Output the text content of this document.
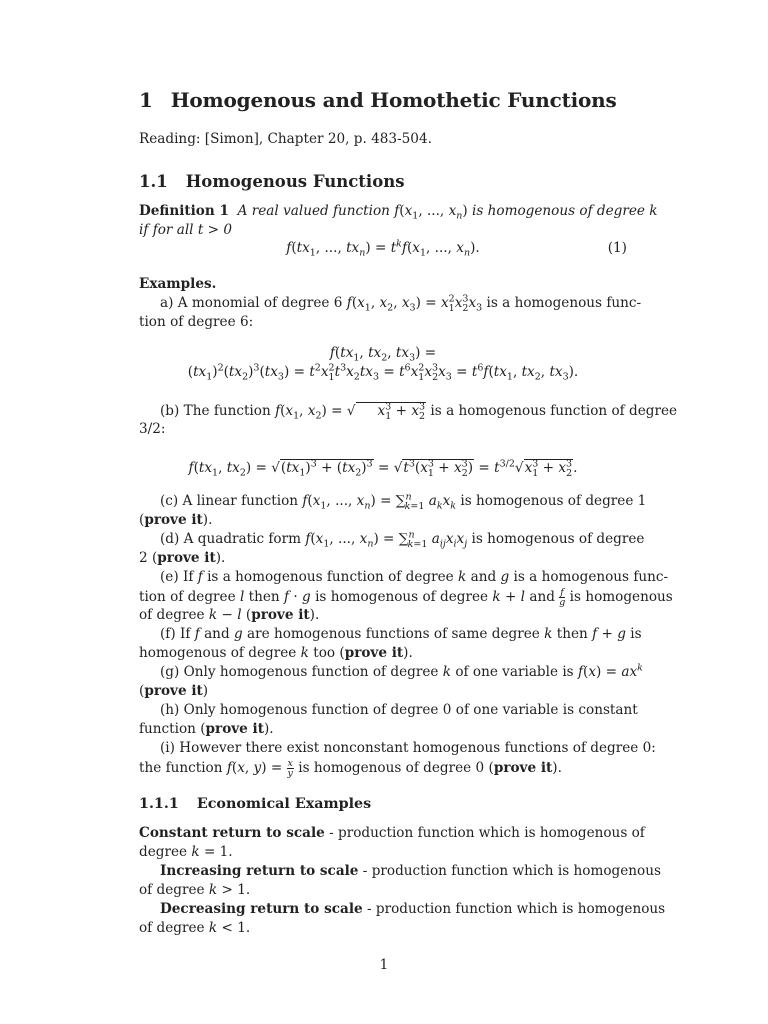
1 Homogenous and Homothetic Functions
Reading: [Simon], Chapter 20, p. 483-504.
1.1 Homogenous Functions
Definition 1 A real valued function $f(x_1$, ..., $x_n$) is homogenous of degree k
if for all t > 0
$f(tx_1$, ..., $tx_n) = t^kf(x_1$, ..., $x_n$).	(1)
Examples.
a) A monomial of degree 6 $f(x_1$, $x_2$, $x_3) = x^2_1x^3_2x_3$ is a homogenous func-
tion of degree 6:
$f(tx_1$, $tx_2$, $tx_3$) =
$(tx_1)^2(tx_2)^3(tx_3) = t^2x^2_1t^3x_2tx_3 = t^6x^2_1x^3_2x_3 = t^6f(tx_1$, $tx_2$, $tx_3$).
(b) The function $f(x_1$, $x_2$) = √ $x^3_1 + x^3_2$ is a homogenous function of degree
3/2:
$f(tx_1$, $tx_2) = √(tx_1)^3 + (tx_2)^3 = √t^3(x^3_1 + x^3_2) = t^{3/2}√x^3_1 + x^3_2$.
(c) A linear function $f(x_1$, ..., $x_n) = \sum^n_{k=1}$ $a_kx_k$ is homogenous of degree 1
(prove it).
(d) A quadratic form $f(x_1$, ..., $x_n) = \sum^n_{k=1}$ $a_{ij}x_ix_j$ is homogenous of degree
2 (prove it).
(e) If f is a homogenous function of degree k and g is a homogenous func-
tion of degree l then f · g is homogenous of degree k + l and $\frac{f}{g}$ is homogenous
of degree k − l (prove it).
(f) If f and g are homogenous functions of same degree k then f + g is
homogenous of degree k too (prove it).
(g) Only homogenous function of degree k of one variable is $f(x) = ax^k$
(prove it)
(h) Only homogenous function of degree 0 of one variable is constant
function (prove it).
(i) However there exist nonconstant homogenous functions of degree 0:
the function f(x, $y) = \frac{x}{y}$ is homogenous of degree 0 (prove it).
1.1.1 Economical Examples
Constant return to scale - production function which is homogenous of
degree k = 1.
Increasing return to scale - production function which is homogenous
of degree k > 1.
Decreasing return to scale - production function which is homogenous
of degree k < 1.
1
